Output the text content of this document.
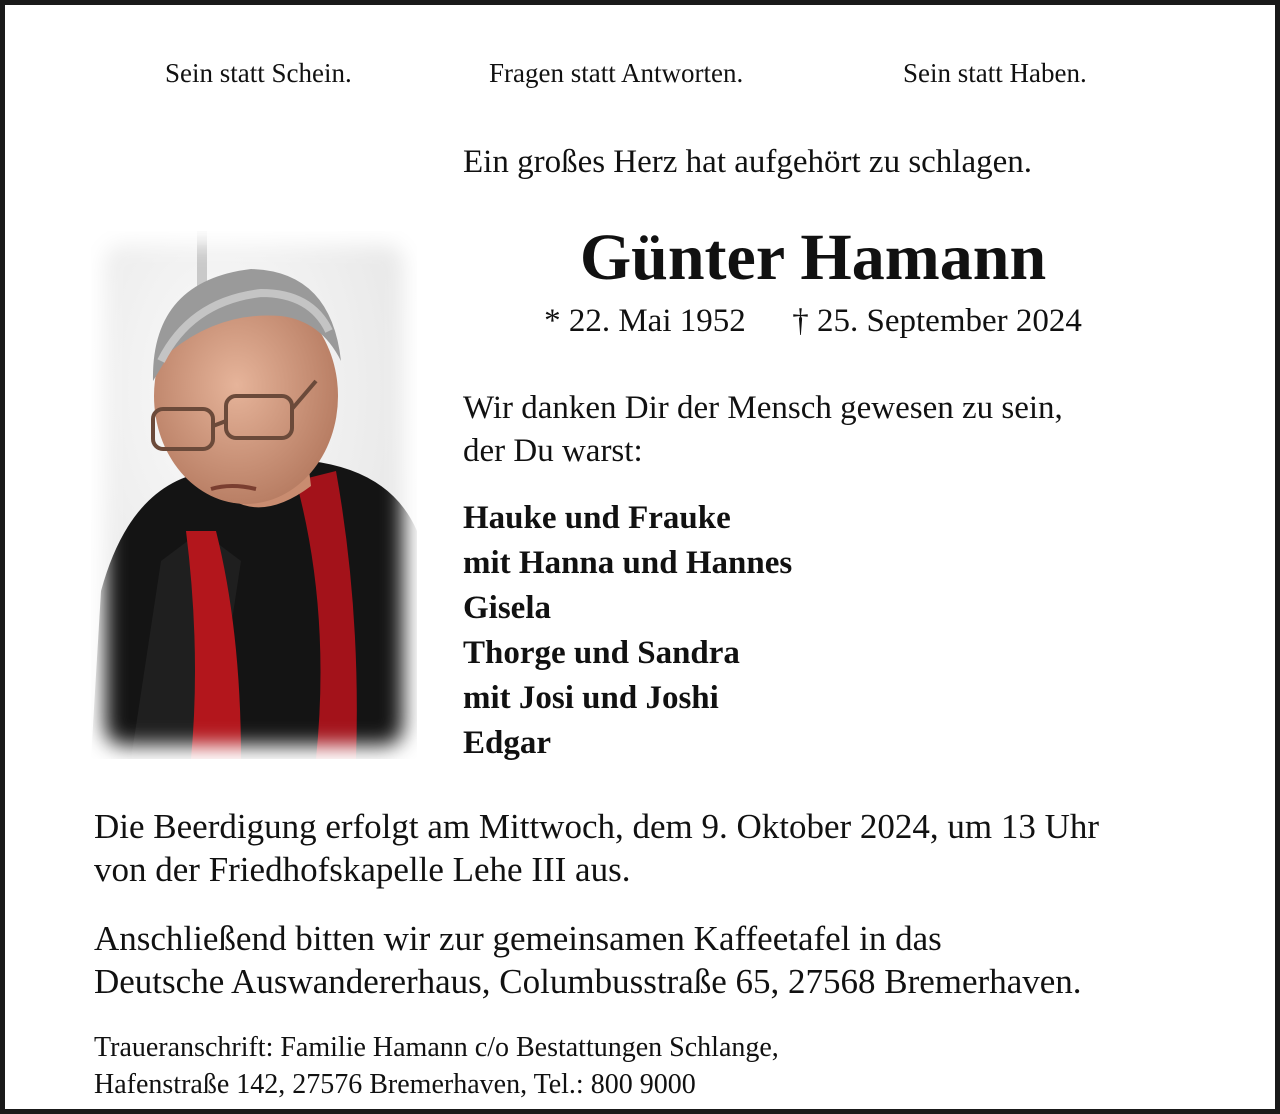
Sein statt Schein.	Fragen statt Antworten.	Sein statt Haben.
Ein großes Herz hat aufgehört zu schlagen.
Günter Hamann
* 22. Mai 1952 † 25. September 2024
Wir danken Dir der Mensch gewesen zu sein,
der Du warst:
Hauke und Frauke
mit Hanna und Hannes
Gisela
Thorge und Sandra
mit Josi und Joshi
Edgar
Die Beerdigung erfolgt am Mittwoch, dem 9. Oktober 2024, um 13 Uhr
von der Friedhofskapelle Lehe III aus.
Anschließend bitten wir zur gemeinsamen Kaffeetafel in das
Deutsche Auswandererhaus, Columbusstraße 65, 27568 Bremerhaven.
Traueranschrift: Familie Hamann c/o Bestattungen Schlange,
Hafenstraße 142, 27576 Bremerhaven, Tel.: 800 9000
